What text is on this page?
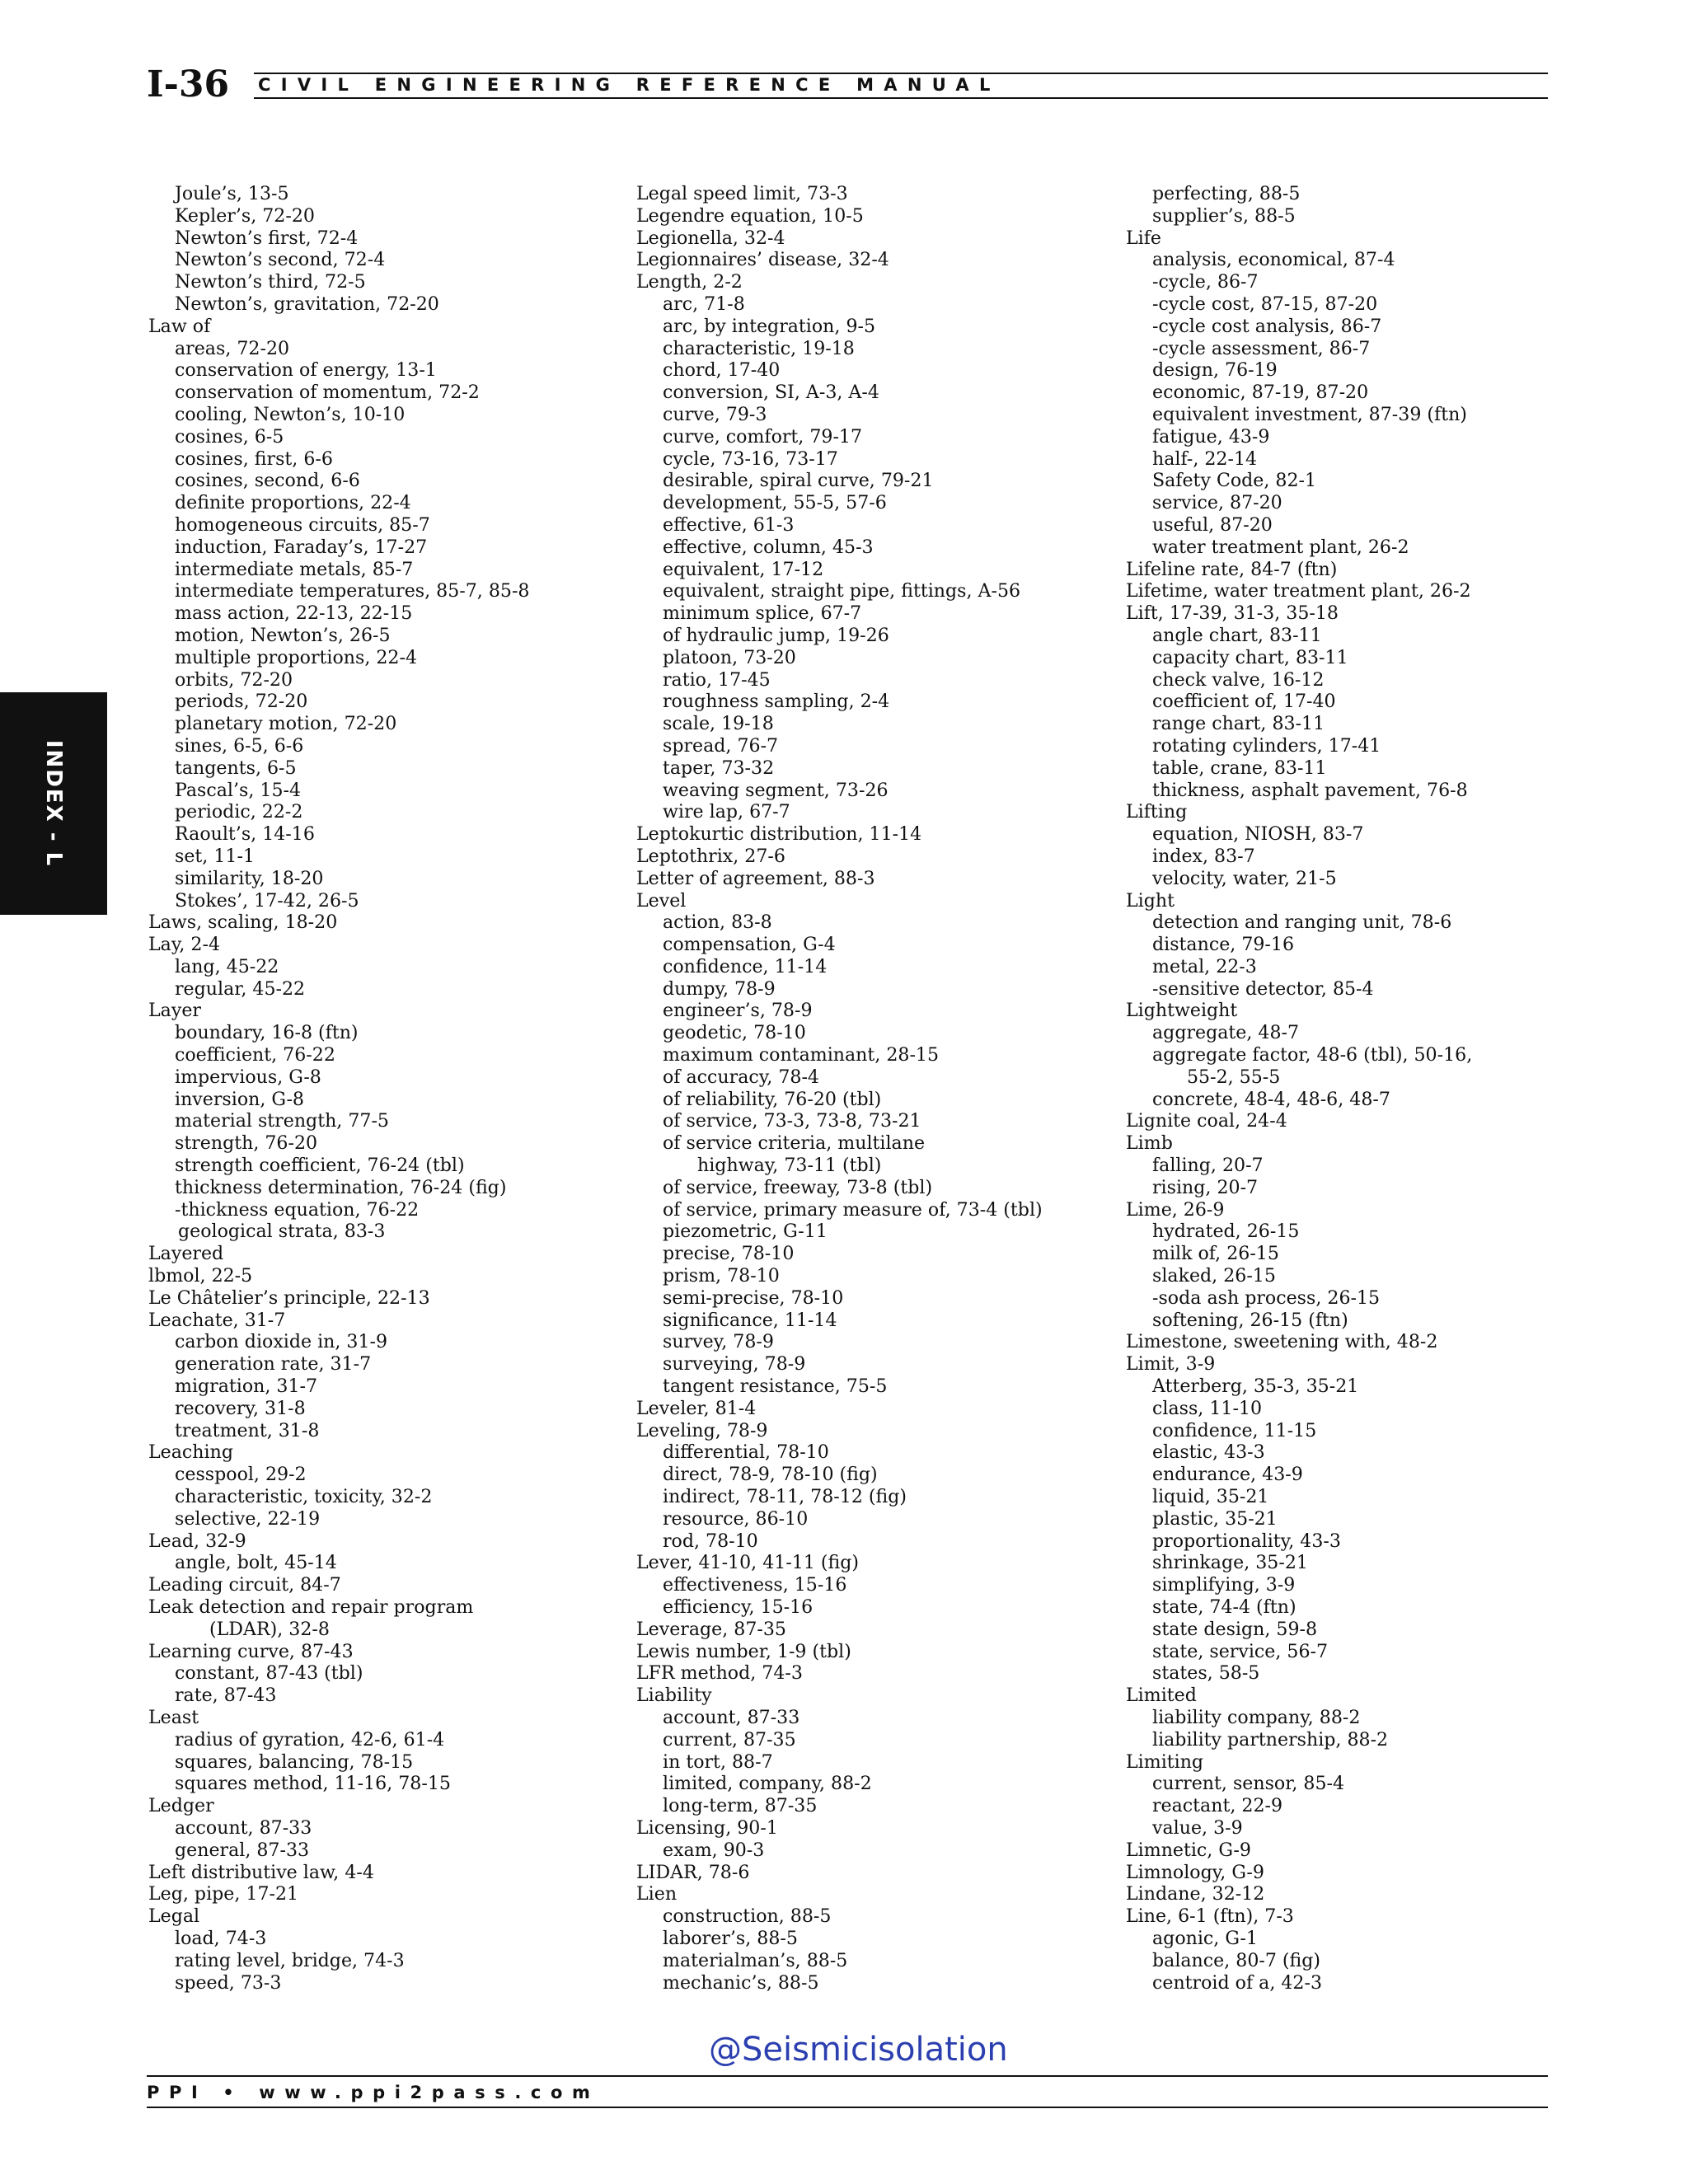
I-36 CIVIL ENGINEERING REFERENCE MANUAL
INDEX - L
Joule’s, 13-5
Kepler’s, 72-20
Newton’s first, 72-4
Newton’s second, 72-4
Newton’s third, 72-5
Newton’s, gravitation, 72-20
Law of
areas, 72-20
conservation of energy, 13-1
conservation of momentum, 72-2
cooling, Newton’s, 10-10
cosines, 6-5
cosines, first, 6-6
cosines, second, 6-6
definite proportions, 22-4
homogeneous circuits, 85-7
induction, Faraday’s, 17-27
intermediate metals, 85-7
intermediate temperatures, 85-7, 85-8
mass action, 22-13, 22-15
motion, Newton’s, 26-5
multiple proportions, 22-4
orbits, 72-20
periods, 72-20
planetary motion, 72-20
sines, 6-5, 6-6
tangents, 6-5
Pascal’s, 15-4
periodic, 22-2
Raoult’s, 14-16
set, 11-1
similarity, 18-20
Stokes’, 17-42, 26-5
Laws, scaling, 18-20
Lay, 2-4
lang, 45-22
regular, 45-22
Layer
boundary, 16-8 (ftn)
coefficient, 76-22
impervious, G-8
inversion, G-8
material strength, 77-5
strength, 76-20
strength coefficient, 76-24 (tbl)
thickness determination, 76-24 (fig)
-thickness equation, 76-22
geological strata, 83-3
Layered
lbmol, 22-5
Le Châtelier’s principle, 22-13
Leachate, 31-7
carbon dioxide in, 31-9
generation rate, 31-7
migration, 31-7
recovery, 31-8
treatment, 31-8
Leaching
cesspool, 29-2
characteristic, toxicity, 32-2
selective, 22-19
Lead, 32-9
angle, bolt, 45-14
Leading circuit, 84-7
Leak detection and repair program
(LDAR), 32-8
Learning curve, 87-43
constant, 87-43 (tbl)
rate, 87-43
Least
radius of gyration, 42-6, 61-4
squares, balancing, 78-15
squares method, 11-16, 78-15
Ledger
account, 87-33
general, 87-33
Left distributive law, 4-4
Leg, pipe, 17-21
Legal
load, 74-3
rating level, bridge, 74-3
speed, 73-3
Legal speed limit, 73-3
Legendre equation, 10-5
Legionella, 32-4
Legionnaires’ disease, 32-4
Length, 2-2
arc, 71-8
arc, by integration, 9-5
characteristic, 19-18
chord, 17-40
conversion, SI, A-3, A-4
curve, 79-3
curve, comfort, 79-17
cycle, 73-16, 73-17
desirable, spiral curve, 79-21
development, 55-5, 57-6
effective, 61-3
effective, column, 45-3
equivalent, 17-12
equivalent, straight pipe, fittings, A-56
minimum splice, 67-7
of hydraulic jump, 19-26
platoon, 73-20
ratio, 17-45
roughness sampling, 2-4
scale, 19-18
spread, 76-7
taper, 73-32
weaving segment, 73-26
wire lap, 67-7
Leptokurtic distribution, 11-14
Leptothrix, 27-6
Letter of agreement, 88-3
Level
action, 83-8
compensation, G-4
confidence, 11-14
dumpy, 78-9
engineer’s, 78-9
geodetic, 78-10
maximum contaminant, 28-15
of accuracy, 78-4
of reliability, 76-20 (tbl)
of service, 73-3, 73-8, 73-21
of service criteria, multilane
highway, 73-11 (tbl)
of service, freeway, 73-8 (tbl)
of service, primary measure of, 73-4 (tbl)
piezometric, G-11
precise, 78-10
prism, 78-10
semi-precise, 78-10
significance, 11-14
survey, 78-9
surveying, 78-9
tangent resistance, 75-5
Leveler, 81-4
Leveling, 78-9
differential, 78-10
direct, 78-9, 78-10 (fig)
indirect, 78-11, 78-12 (fig)
resource, 86-10
rod, 78-10
Lever, 41-10, 41-11 (fig)
effectiveness, 15-16
efficiency, 15-16
Leverage, 87-35
Lewis number, 1-9 (tbl)
LFR method, 74-3
Liability
account, 87-33
current, 87-35
in tort, 88-7
limited, company, 88-2
long-term, 87-35
Licensing, 90-1
exam, 90-3
LIDAR, 78-6
Lien
construction, 88-5
laborer’s, 88-5
materialman’s, 88-5
mechanic’s, 88-5
perfecting, 88-5
supplier’s, 88-5
Life
analysis, economical, 87-4
-cycle, 86-7
-cycle cost, 87-15, 87-20
-cycle cost analysis, 86-7
-cycle assessment, 86-7
design, 76-19
economic, 87-19, 87-20
equivalent investment, 87-39 (ftn)
fatigue, 43-9
half-, 22-14
Safety Code, 82-1
service, 87-20
useful, 87-20
water treatment plant, 26-2
Lifeline rate, 84-7 (ftn)
Lifetime, water treatment plant, 26-2
Lift, 17-39, 31-3, 35-18
angle chart, 83-11
capacity chart, 83-11
check valve, 16-12
coefficient of, 17-40
range chart, 83-11
rotating cylinders, 17-41
table, crane, 83-11
thickness, asphalt pavement, 76-8
Lifting
equation, NIOSH, 83-7
index, 83-7
velocity, water, 21-5
Light
detection and ranging unit, 78-6
distance, 79-16
metal, 22-3
-sensitive detector, 85-4
Lightweight
aggregate, 48-7
aggregate factor, 48-6 (tbl), 50-16,
55-2, 55-5
concrete, 48-4, 48-6, 48-7
Lignite coal, 24-4
Limb
falling, 20-7
rising, 20-7
Lime, 26-9
hydrated, 26-15
milk of, 26-15
slaked, 26-15
-soda ash process, 26-15
softening, 26-15 (ftn)
Limestone, sweetening with, 48-2
Limit, 3-9
Atterberg, 35-3, 35-21
class, 11-10
confidence, 11-15
elastic, 43-3
endurance, 43-9
liquid, 35-21
plastic, 35-21
proportionality, 43-3
shrinkage, 35-21
simplifying, 3-9
state, 74-4 (ftn)
state design, 59-8
state, service, 56-7
states, 58-5
Limited
liability company, 88-2
liability partnership, 88-2
Limiting
current, sensor, 85-4
reactant, 22-9
value, 3-9
Limnetic, G-9
Limnology, G-9
Lindane, 32-12
Line, 6-1 (ftn), 7-3
agonic, G-1
balance, 80-7 (fig)
centroid of a, 42-3
@Seismicisolation
PPI • www.ppi2pass.com
